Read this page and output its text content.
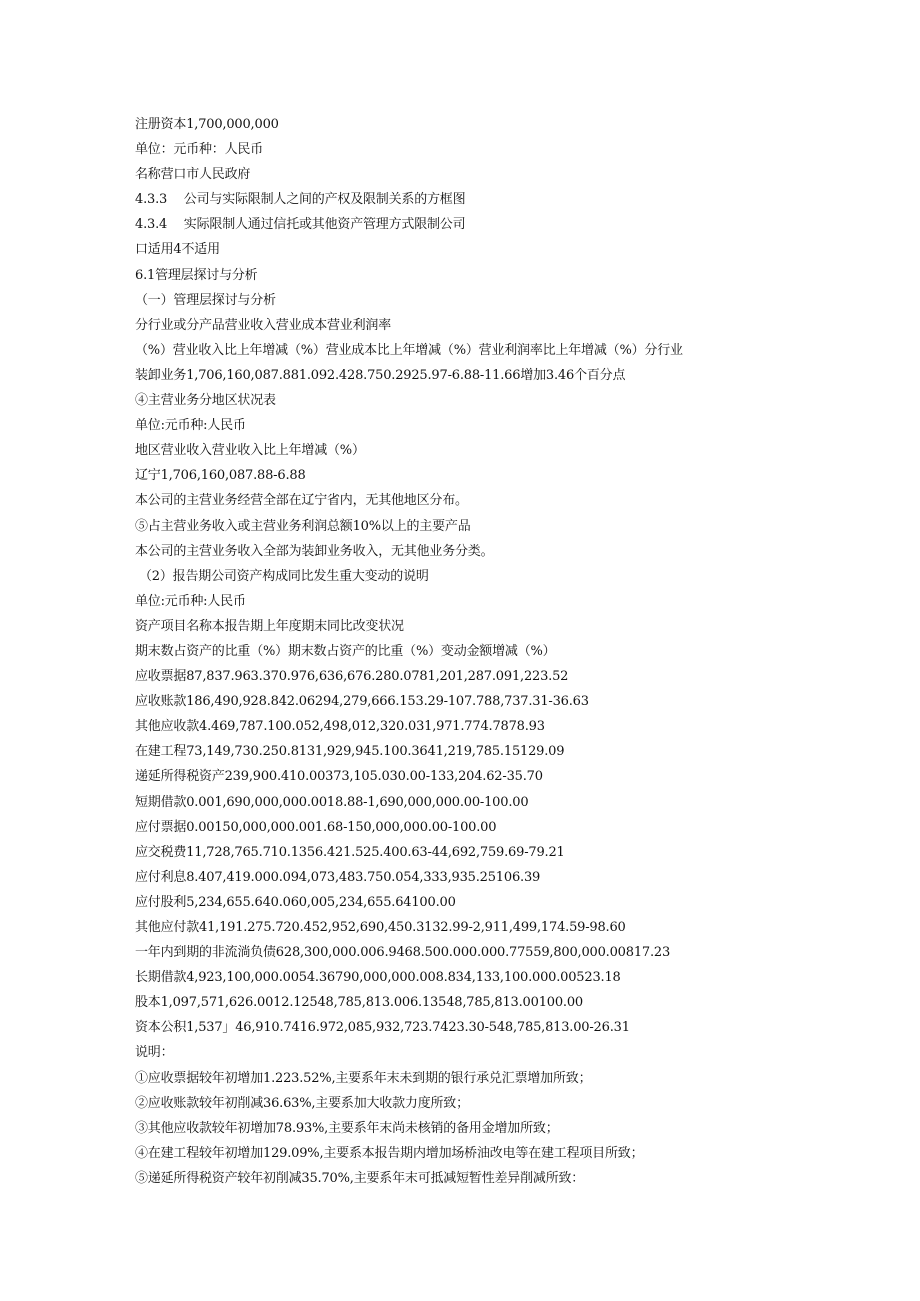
注册资本1,700,000,000
单位：元币种：人民币
名称营口市人民政府
4.3.3　 公司与实际限制人之间的产权及限制关系的方框图
4.3.4　 实际限制人通过信托或其他资产管理方式限制公司
口适用4不适用
6.1管理层探讨与分析
（一）管理层探讨与分析
分行业或分产品营业收入营业成本营业利润率
（%）营业收入比上年增减（%）营业成本比上年增减（%）营业利润率比上年增减（%）分行业
装卸业务1,706,160,087.881.092.428.750.2925.97-6.88-11.66增加3.46个百分点
④主营业务分地区状况表
单位:元币种:人民币
地区营业收入营业收入比上年增减（%）
辽宁1,706,160,087.88-6.88
本公司的主营业务经营全部在辽宁省内，无其他地区分布。
⑤占主营业务收入或主营业务利润总额10%以上的主要产品
本公司的主营业务收入全部为装卸业务收入，无其他业务分类。
（2）报告期公司资产构成同比发生重大变动的说明
单位:元币种:人民币
资产项目名称本报告期上年度期末同比改变状况
期末数占资产的比重（%）期末数占资产的比重（%）变动金额增减（%）
应收票据87,837.963.370.976,636,676.280.0781,201,287.091,223.52
应收账款186,490,928.842.06294,279,666.153.29-107.788,737.31-36.63
其他应收款4.469,787.100.052,498,012,320.031,971.774.7878.93
在建工程73,149,730.250.8131,929,945.100.3641,219,785.15129.09
递延所得税资产239,900.410.00373,105.030.00-133,204.62-35.70
短期借款0.001,690,000,000.0018.88-1,690,000,000.00-100.00
应付票据0.00150,000,000.001.68-150,000,000.00-100.00
应交税费11,728,765.710.1356.421.525.400.63-44,692,759.69-79.21
应付利息8.407,419.000.094,073,483.750.054,333,935.25106.39
应付股利5,234,655.640.060,005,234,655.64100.00
其他应付款41,191.275.720.452,952,690,450.3132.99-2,911,499,174.59-98.60
一年内到期的非流淌负债628,300,000.006.9468.500.000.000.77559,800,000.00817.23
长期借款4,923,100,000.0054.36790,000,000.008.834,133,100.000.00523.18
股本1,097,571,626.0012.12548,785,813.006.13548,785,813.00100.00
资本公积1,537」46,910.7416.972,085,932,723.7423.30-548,785,813.00-26.31
说明：
①应收票据较年初增加1.223.52%,主要系年末未到期的银行承兑汇票增加所致；
②应收账款较年初削减36.63%,主要系加大收款力度所致；
③其他应收款较年初增加78.93%,主要系年末尚未核销的备用金增加所致；
④在建工程较年初增加129.09%,主要系本报告期内增加场桥油改电等在建工程项目所致；
⑤递延所得税资产较年初削减35.70%,主要系年末可抵减短暂性差异削减所致：
